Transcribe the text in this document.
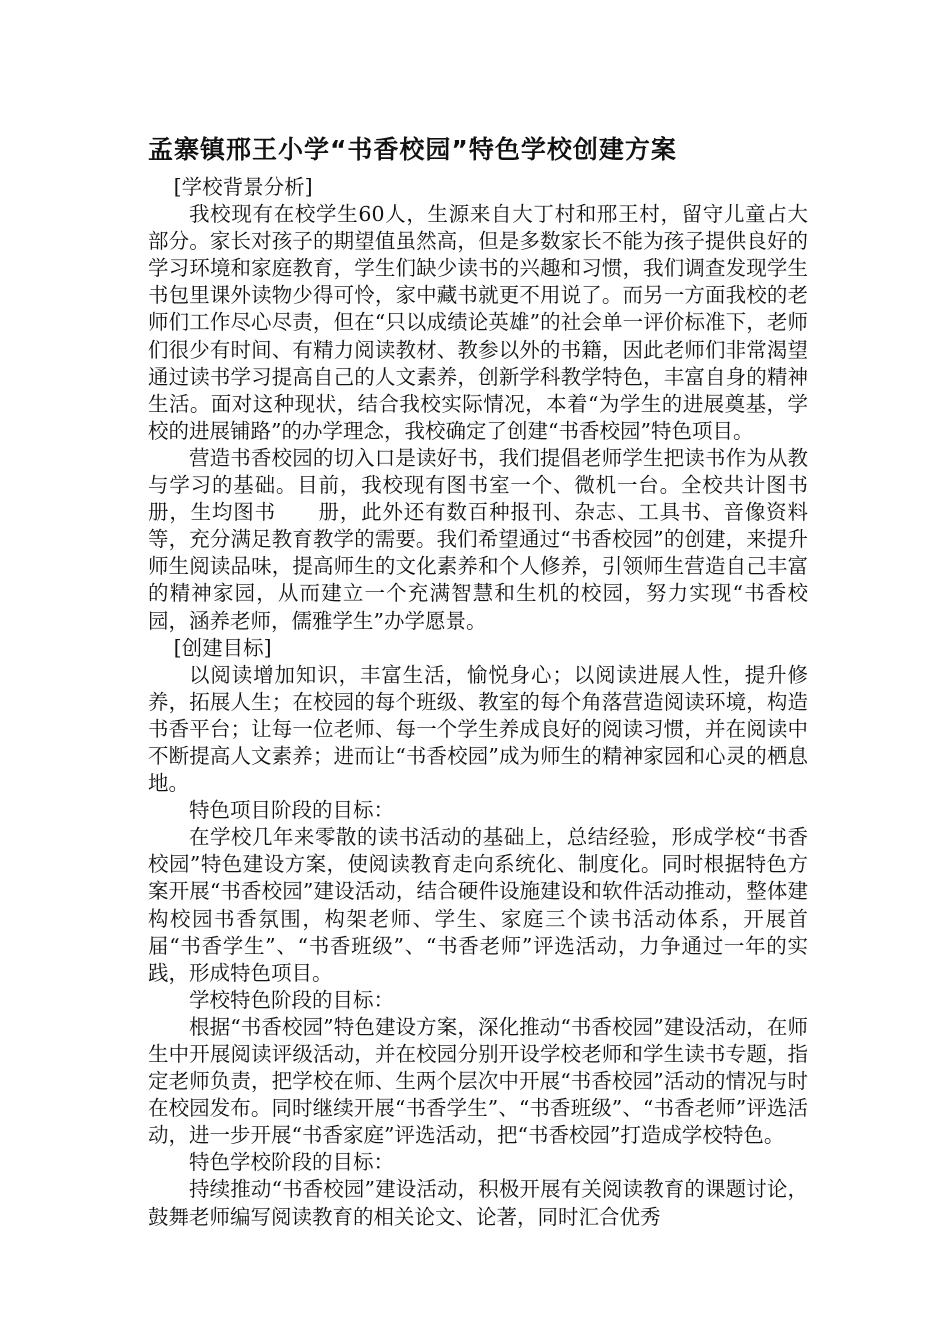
孟寨镇邢王小学“书香校园”特色学校创建方案

[学校背景分析]

我校现有在校学生60人，生源来自大丁村和邢王村，留守儿童占大部分。家长对孩子的期望值虽然高，但是多数家长不能为孩子提供良好的学习环境和家庭教育，学生们缺少读书的兴趣和习惯，我们调查发现学生书包里课外读物少得可怜，家中藏书就更不用说了。而另一方面我校的老师们工作尽心尽责，但在“只以成绩论英雄”的社会单一评价标准下，老师们很少有时间、有精力阅读教材、教参以外的书籍，因此老师们非常渴望通过读书学习提高自己的人文素养，创新学科教学特色，丰富自身的精神生活。面对这种现状，结合我校实际情况，本着“为学生的进展奠基，学校的进展铺路”的办学理念，我校确定了创建“书香校园”特色项目。

营造书香校园的切入口是读好书，我们提倡老师学生把读书作为从教与学习的基础。目前，我校现有图书室一个、微机一台。全校共计图书册，生均图书　　册，此外还有数百种报刊、杂志、工具书、音像资料等，充分满足教育教学的需要。我们希望通过“书香校园”的创建，来提升师生阅读品味，提高师生的文化素养和个人修养，引领师生营造自己丰富的精神家园，从而建立一个充满智慧和生机的校园，努力实现“书香校园，涵养老师，儒雅学生”办学愿景。

[创建目标]

以阅读增加知识，丰富生活，愉悦身心；以阅读进展人性，提升修养，拓展人生；在校园的每个班级、教室的每个角落营造阅读环境，构造书香平台；让每一位老师、每一个学生养成良好的阅读习惯，并在阅读中不断提高人文素养；进而让“书香校园”成为师生的精神家园和心灵的栖息地。

特色项目阶段的目标：

在学校几年来零散的读书活动的基础上，总结经验，形成学校“书香校园”特色建设方案，使阅读教育走向系统化、制度化。同时根据特色方案开展“书香校园”建设活动，结合硬件设施建设和软件活动推动，整体建构校园书香氛围，构架老师、学生、家庭三个读书活动体系，开展首届“书香学生”、“书香班级”、“书香老师”评选活动，力争通过一年的实践，形成特色项目。

学校特色阶段的目标：

根据“书香校园”特色建设方案，深化推动“书香校园”建设活动，在师生中开展阅读评级活动，并在校园分别开设学校老师和学生读书专题，指定老师负责，把学校在师、生两个层次中开展“书香校园”活动的情况与时在校园发布。同时继续开展“书香学生”、“书香班级”、“书香老师”评选活动，进一步开展“书香家庭”评选活动，把“书香校园”打造成学校特色。

特色学校阶段的目标：

持续推动“书香校园”建设活动，积极开展有关阅读教育的课题讨论，鼓舞老师编写阅读教育的相关论文、论著，同时汇合优秀
